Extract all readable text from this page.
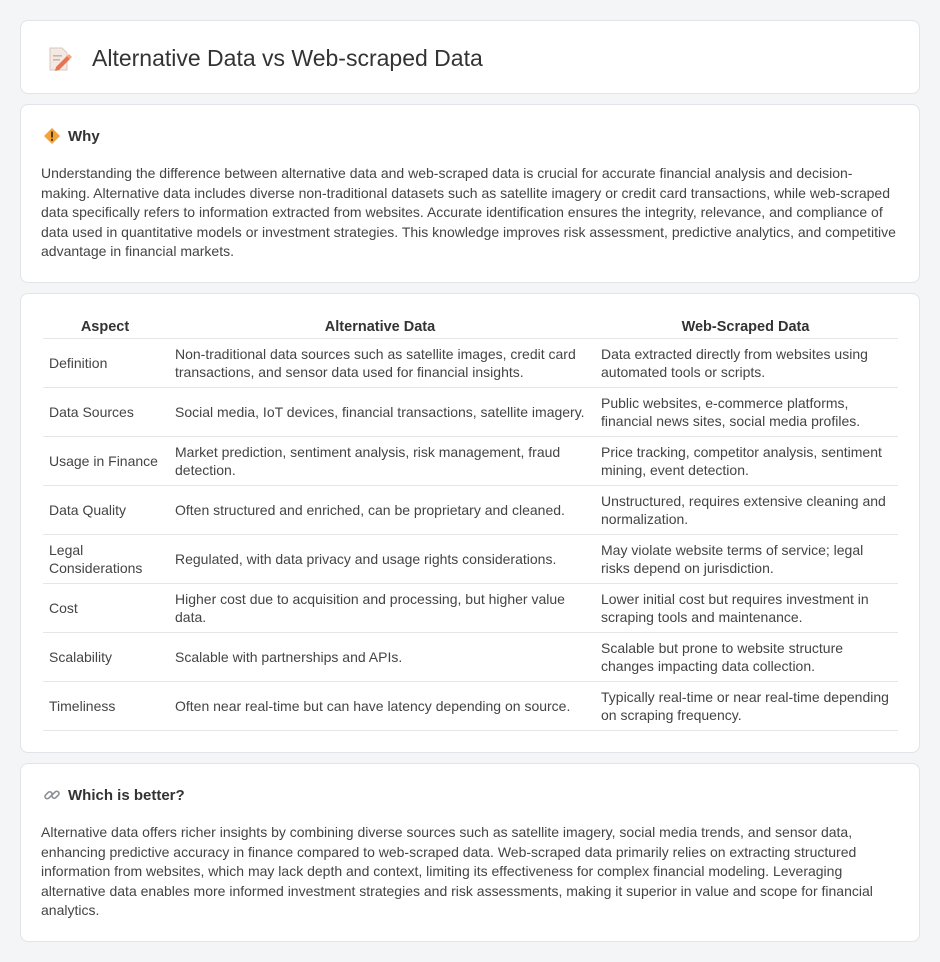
Alternative Data vs Web-scraped Data
Why

Understanding the difference between alternative data and web-scraped data is crucial for accurate financial analysis and decision-making. Alternative data includes diverse non-traditional datasets such as satellite imagery or credit card transactions, while web-scraped data specifically refers to information extracted from websites. Accurate identification ensures the integrity, relevance, and compliance of data used in quantitative models or investment strategies. This knowledge improves risk assessment, predictive analytics, and competitive advantage in financial markets.

Aspect	Alternative Data	Web-Scraped Data
Definition	Non-traditional data sources such as satellite images, credit card transactions, and sensor data used for financial insights.	Data extracted directly from websites using automated tools or scripts.
Data Sources	Social media, IoT devices, financial transactions, satellite imagery.	Public websites, e-commerce platforms, financial news sites, social media profiles.
Usage in Finance	Market prediction, sentiment analysis, risk management, fraud detection.	Price tracking, competitor analysis, sentiment mining, event detection.
Data Quality	Often structured and enriched, can be proprietary and cleaned.	Unstructured, requires extensive cleaning and normalization.
Legal Considerations	Regulated, with data privacy and usage rights considerations.	May violate website terms of service; legal risks depend on jurisdiction.
Cost	Higher cost due to acquisition and processing, but higher value data.	Lower initial cost but requires investment in scraping tools and maintenance.
Scalability	Scalable with partnerships and APIs.	Scalable but prone to website structure changes impacting data collection.
Timeliness	Often near real-time but can have latency depending on source.	Typically real-time or near real-time depending on scraping frequency.
Which is better?

Alternative data offers richer insights by combining diverse sources such as satellite imagery, social media trends, and sensor data, enhancing predictive accuracy in finance compared to web-scraped data. Web-scraped data primarily relies on extracting structured information from websites, which may lack depth and context, limiting its effectiveness for complex financial modeling. Leveraging alternative data enables more informed investment strategies and risk assessments, making it superior in value and scope for financial analytics.
